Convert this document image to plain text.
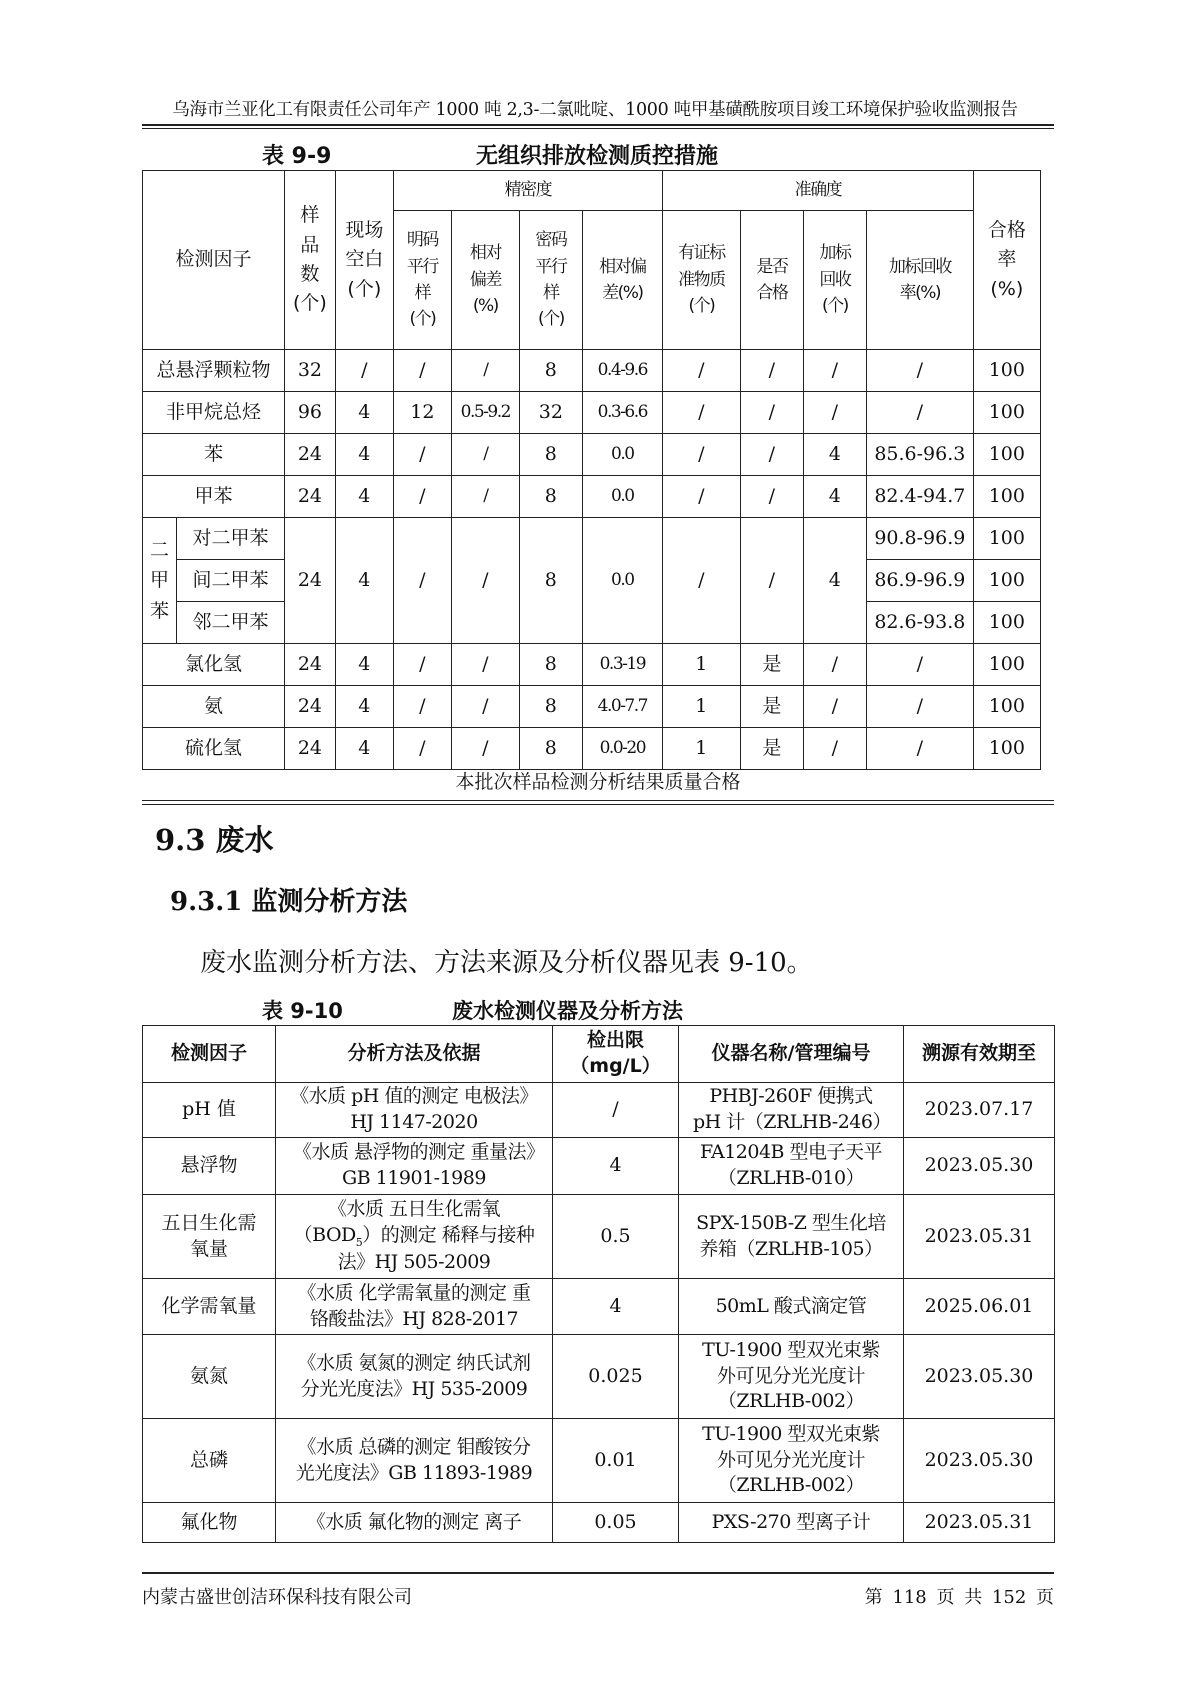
乌海市兰亚化工有限责任公司年产 1000 吨 2,3-二氯吡啶、1000 吨甲基磺酰胺项目竣工环境保护验收监测报告
表 9-9	无组织排放检测质控措施
检测因子		样品数(个)	现场空白(个)	精密度				准确度				合格率(%)
				明码平行样(个)	相对偏差(%)	密码平行样(个)	相对偏差(%)	有证标准物质(个)	是否合格	加标回收(个)	加标回收率(%)	
总悬浮颗粒物		32	/	/	/	8	0.4-9.6	/	/	/	/	100
非甲烷总烃		96	4	12	0.5-9.2	32	0.3-6.6	/	/	/	/	100
苯		24	4	/	/	8	0.0	/	/	4	85.6-96.3	100
甲苯		24	4	/	/	8	0.0	/	/	4	82.4-94.7	100
二甲苯	对二甲苯	24	4	/	/	8	0.0	/	/	4	90.8-96.9	100
	间二甲苯										86.9-96.9	100
	邻二甲苯										82.6-93.8	100
氯化氢		24	4	/	/	8	0.3-19	1	是	/	/	100
氨		24	4	/	/	8	4.0-7.7	1	是	/	/	100
硫化氢		24	4	/	/	8	0.0-20	1	是	/	/	100
本批次样品检测分析结果质量合格
9.3 废水
9.3.1 监测分析方法
废水监测分析方法、方法来源及分析仪器见表 9-10。
表 9-10	废水检测仪器及分析方法
检测因子	分析方法及依据	检出限（mg/L）	仪器名称/管理编号	溯源有效期至
pH 值	《水质 pH 值的测定 电极法》HJ 1147-2020	/	PHBJ-260F 便携式 pH 计（ZRLHB-246）	2023.07.17
悬浮物	《水质 悬浮物的测定 重量法》GB 11901-1989	4	FA1204B 型电子天平（ZRLHB-010）	2023.05.30
五日生化需氧量	《水质 五日生化需氧$(BOD_5)$的测定 稀释与接种法》HJ 505-2009	0.5	SPX-150B-Z 型生化培养箱（ZRLHB-105）	2023.05.31
化学需氧量	《水质 化学需氧量的测定 重铬酸盐法》HJ 828-2017	4	50mL 酸式滴定管	2025.06.01
氨氮	《水质 氨氮的测定 纳氏试剂分光光度法》HJ 535-2009	0.025	TU-1900 型双光束紫外可见分光光度计（ZRLHB-002）	2023.05.30
总磷	《水质 总磷的测定 钼酸铵分光光度法》GB 11893-1989	0.01	TU-1900 型双光束紫外可见分光光度计（ZRLHB-002）	2023.05.30
氟化物	《水质 氟化物的测定 离子	0.05	PXS-270 型离子计	2023.05.31
内蒙古盛世创洁环保科技有限公司	第 118 页 共 152 页
